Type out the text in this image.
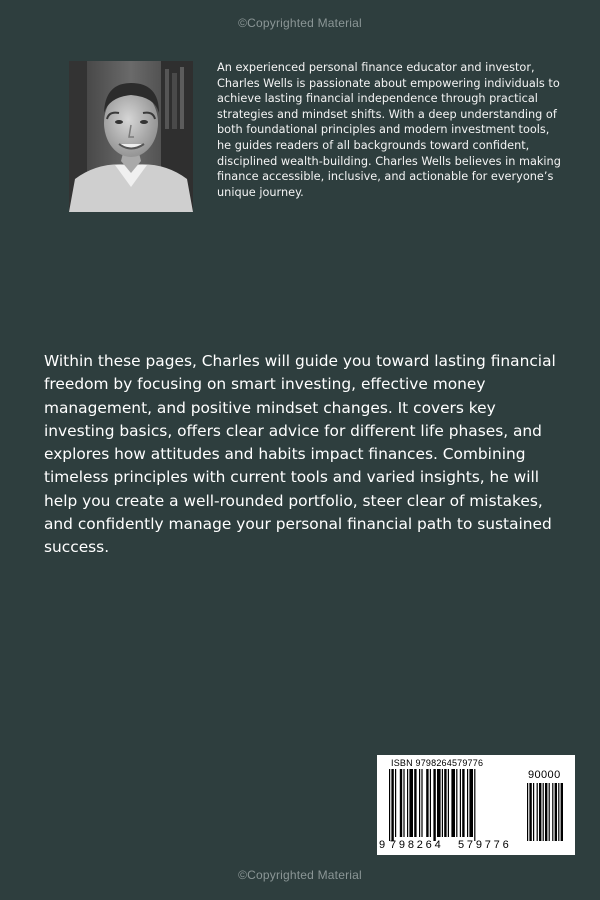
©Copyrighted Material

An experienced personal finance educator and investor, Charles Wells is passionate about empowering individuals to achieve lasting financial independence through practical strategies and mindset shifts. With a deep understanding of both foundational principles and modern investment tools, he guides readers of all backgrounds toward confident, disciplined wealth-building. Charles Wells believes in making finance accessible, inclusive, and actionable for everyone’s unique journey.

Within these pages, Charles will guide you toward lasting financial freedom by focusing on smart investing, effective money management, and positive mindset changes. It covers key investing basics, offers clear advice for different life phases, and explores how attitudes and habits impact finances. Combining timeless principles with current tools and varied insights, he will help you create a well-rounded portfolio, steer clear of mistakes, and confidently manage your personal financial path to sustained success.

ISBN 9798264579776
90000
9 798264 579776
©Copyrighted Material
